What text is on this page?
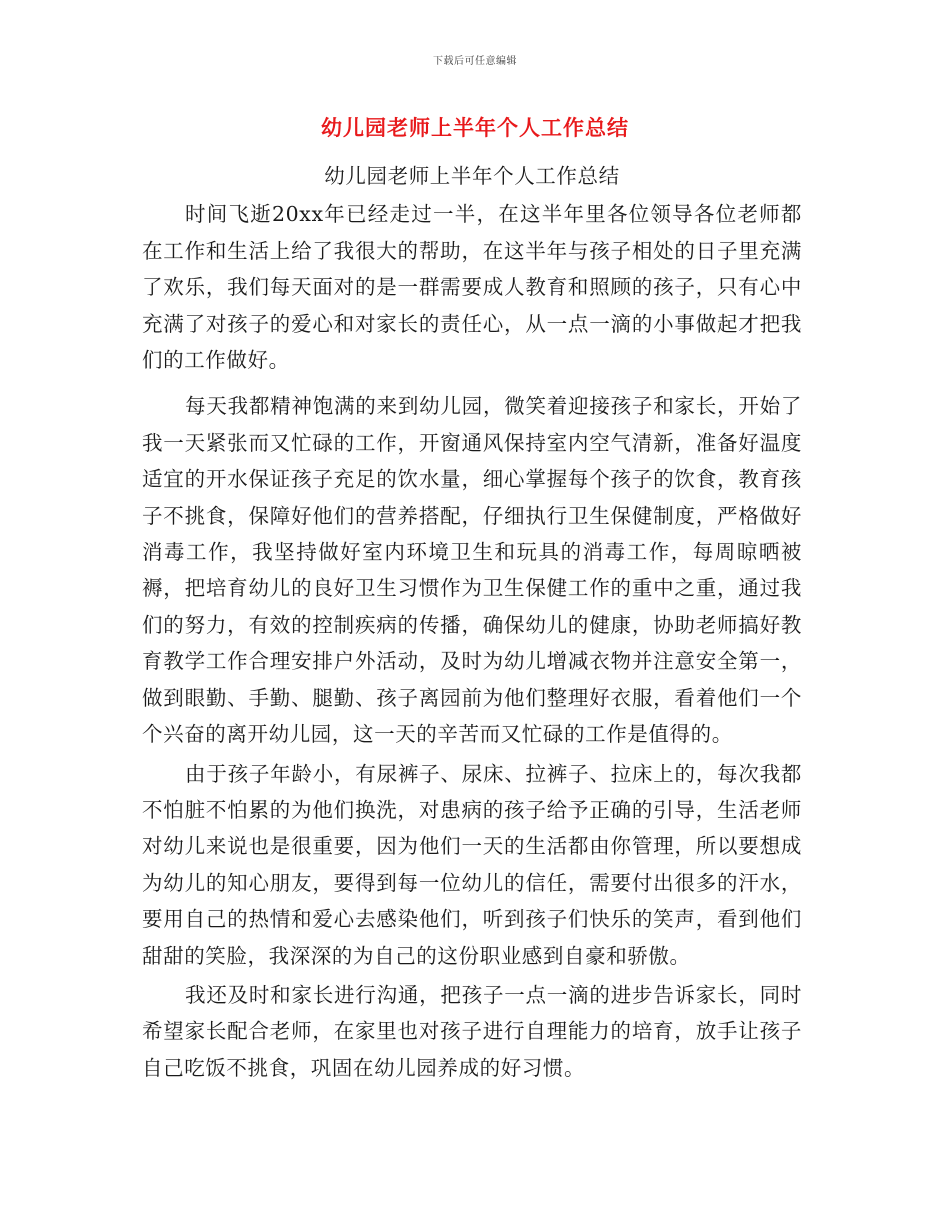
下载后可任意编辑
幼儿园老师上半年个人工作总结

幼儿园老师上半年个人工作总结

时间飞逝20xx年已经走过一半，在这半年里各位领导各位老师都在工作和生活上给了我很大的帮助，在这半年与孩子相处的日子里充满了欢乐，我们每天面对的是一群需要成人教育和照顾的孩子，只有心中充满了对孩子的爱心和对家长的责任心，从一点一滴的小事做起才把我们的工作做好。

每天我都精神饱满的来到幼儿园，微笑着迎接孩子和家长，开始了我一天紧张而又忙碌的工作，开窗通风保持室内空气清新，准备好温度适宜的开水保证孩子充足的饮水量，细心掌握每个孩子的饮食，教育孩子不挑食，保障好他们的营养搭配，仔细执行卫生保健制度，严格做好消毒工作，我坚持做好室内环境卫生和玩具的消毒工作，每周晾晒被褥，把培育幼儿的良好卫生习惯作为卫生保健工作的重中之重，通过我们的努力，有效的控制疾病的传播，确保幼儿的健康，协助老师搞好教育教学工作合理安排户外活动，及时为幼儿增减衣物并注意安全第一，做到眼勤、手勤、腿勤、孩子离园前为他们整理好衣服，看着他们一个个兴奋的离开幼儿园，这一天的辛苦而又忙碌的工作是值得的。

由于孩子年龄小，有尿裤子、尿床、拉裤子、拉床上的，每次我都不怕脏不怕累的为他们换洗，对患病的孩子给予正确的引导，生活老师对幼儿来说也是很重要，因为他们一天的生活都由你管理，所以要想成为幼儿的知心朋友，要得到每一位幼儿的信任，需要付出很多的汗水，要用自己的热情和爱心去感染他们，听到孩子们快乐的笑声，看到他们甜甜的笑脸，我深深的为自己的这份职业感到自豪和骄傲。

我还及时和家长进行沟通，把孩子一点一滴的进步告诉家长，同时希望家长配合老师，在家里也对孩子进行自理能力的培育，放手让孩子自己吃饭不挑食，巩固在幼儿园养成的好习惯。
